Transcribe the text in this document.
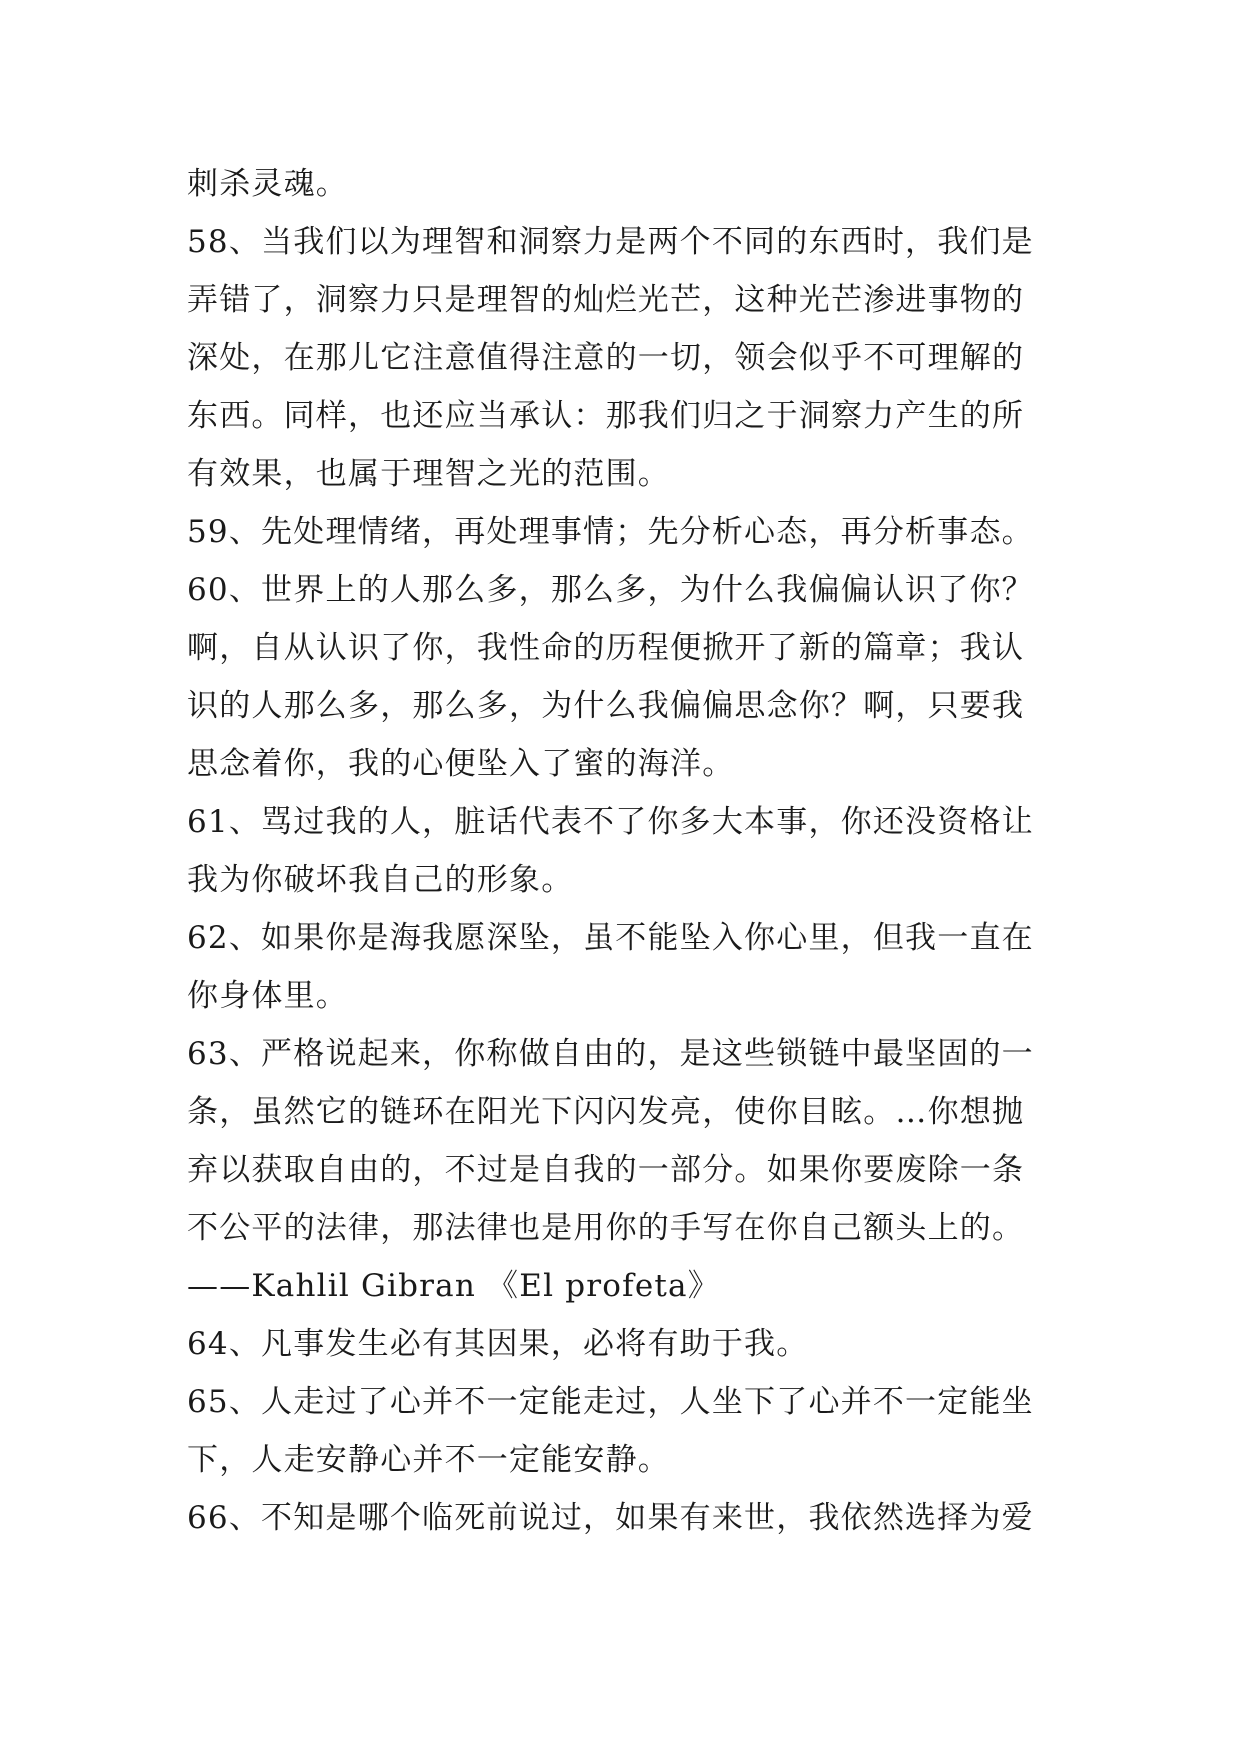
刺杀灵魂。
58、当我们以为理智和洞察力是两个不同的东西时，我们是
弄错了，洞察力只是理智的灿烂光芒，这种光芒渗进事物的
深处，在那儿它注意值得注意的一切，领会似乎不可理解的
东西。同样，也还应当承认：那我们归之于洞察力产生的所
有效果，也属于理智之光的范围。
59、先处理情绪，再处理事情；先分析心态，再分析事态。
60、世界上的人那么多，那么多，为什么我偏偏认识了你？
啊，自从认识了你，我性命的历程便掀开了新的篇章；我认
识的人那么多，那么多，为什么我偏偏思念你？啊，只要我
思念着你，我的心便坠入了蜜的海洋。
61、骂过我的人，脏话代表不了你多大本事，你还没资格让
我为你破坏我自己的形象。
62、如果你是海我愿深坠，虽不能坠入你心里，但我一直在
你身体里。
63、严格说起来，你称做自由的，是这些锁链中最坚固的一
条，虽然它的链环在阳光下闪闪发亮，使你目眩。…你想抛
弃以获取自由的，不过是自我的一部分。如果你要废除一条
不公平的法律，那法律也是用你的手写在你自己额头上的。
——Kahlil Gibran 《El profeta》
64、凡事发生必有其因果，必将有助于我。
65、人走过了心并不一定能走过，人坐下了心并不一定能坐
下，人走安静心并不一定能安静。
66、不知是哪个临死前说过，如果有来世，我依然选择为爱
